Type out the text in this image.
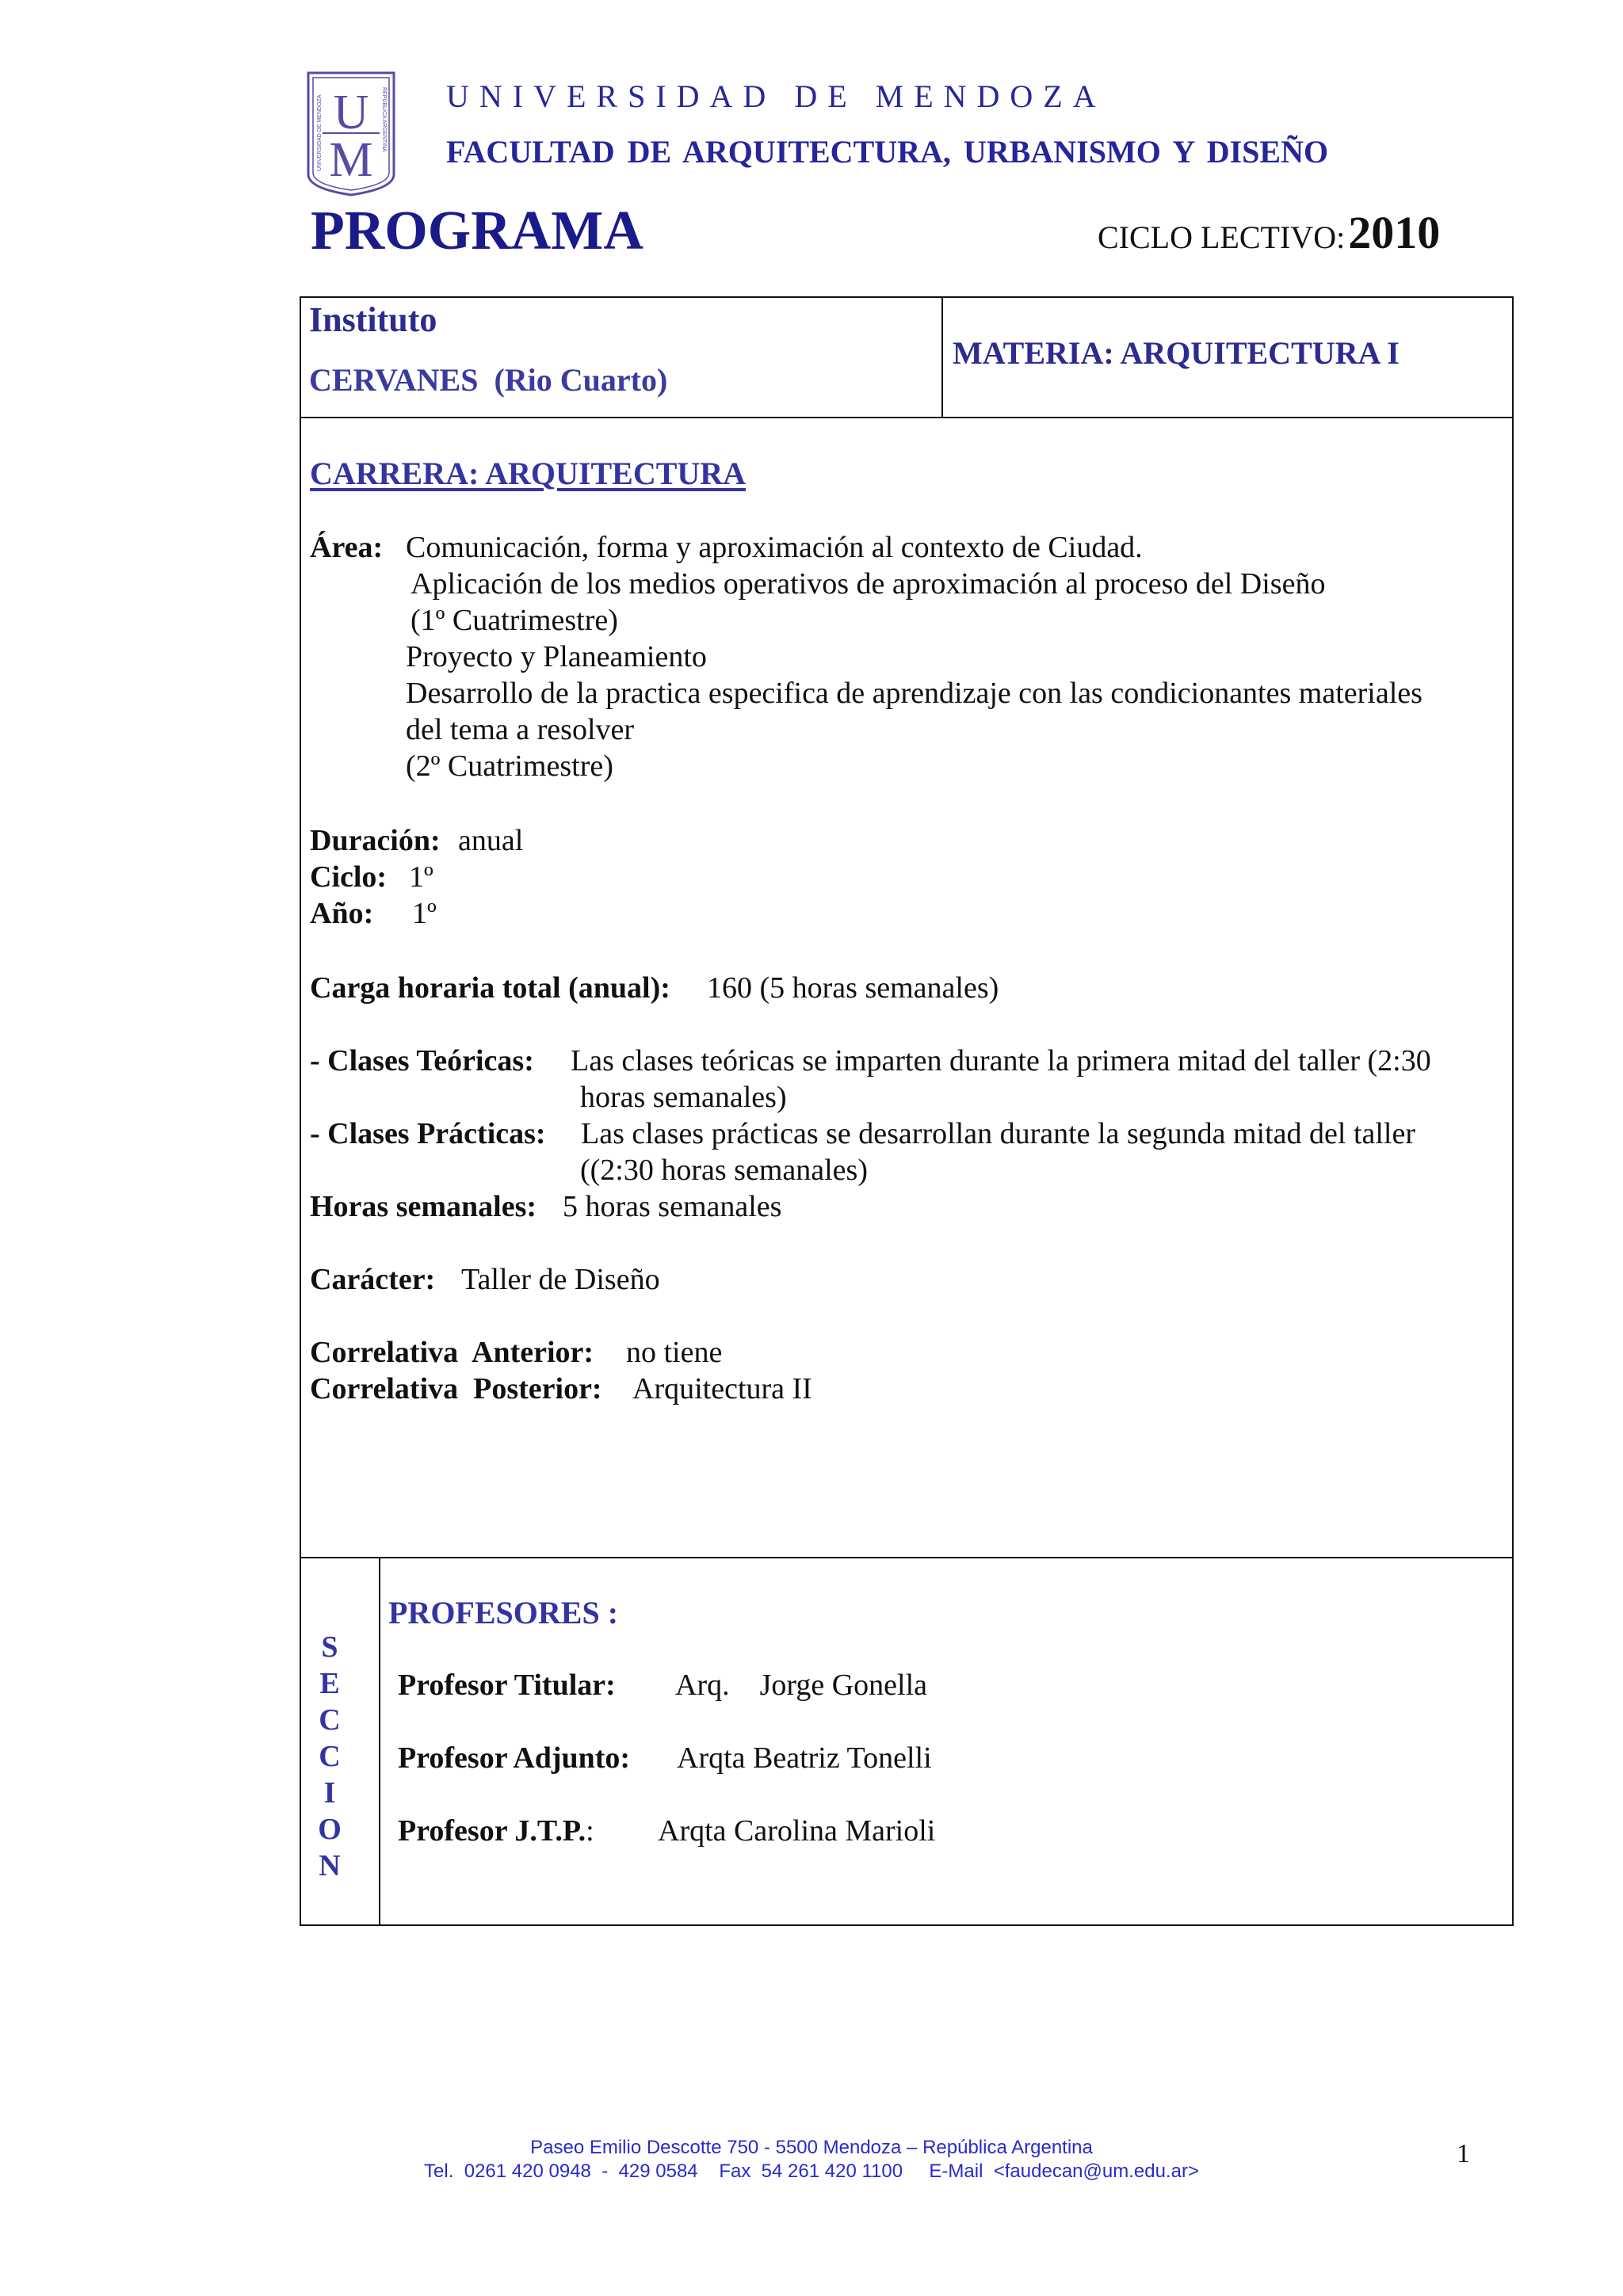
U
M
UNIVERSIDAD DE MENDOZA	REPÚBLICA ARGENTINA UNIVERSIDAD DE MENDOZA
FACULTAD DE ARQUITECTURA, URBANISMO Y DISEÑO
PROGRAMA	CICLO LECTIVO: 2010
Instituto
CERVANES  (Rio Cuarto)
MATERIA: ARQUITECTURA I
CARRERA: ARQUITECTURA
Área: Comunicación, forma y aproximación al contexto de Ciudad.
Aplicación de los medios operativos de aproximación al proceso del Diseño
(1º Cuatrimestre)
Proyecto y Planeamiento
Desarrollo de la practica especifica de aprendizaje con las condicionantes materiales
del tema a resolver
(2º Cuatrimestre)
Duración: anual
Ciclo: 1º
Año: 1º
Carga horaria total (anual): 160 (5 horas semanales)
- Clases Teóricas: Las clases teóricas se imparten durante la primera mitad del taller (2:30
horas semanales)
- Clases Prácticas: Las clases prácticas se desarrollan durante la segunda mitad del taller
((2:30 horas semanales)
Horas semanales: 5 horas semanales
Carácter: Taller de Diseño
Correlativa  Anterior: no tiene
Correlativa  Posterior: Arquitectura II
S
E
C
C
I
O
N
PROFESORES :
Profesor Titular: Arq.    Jorge Gonella
Profesor Adjunto: Arqta Beatriz Tonelli
Profesor J.T.P.: Arqta Carolina Marioli
Paseo Emilio Descotte 750 - 5500 Mendoza – República Argentina
Tel.  0261 420 0948  -  429 0584    Fax  54 261 420 1100     E-Mail  <faudecan@um.edu.ar>
1
